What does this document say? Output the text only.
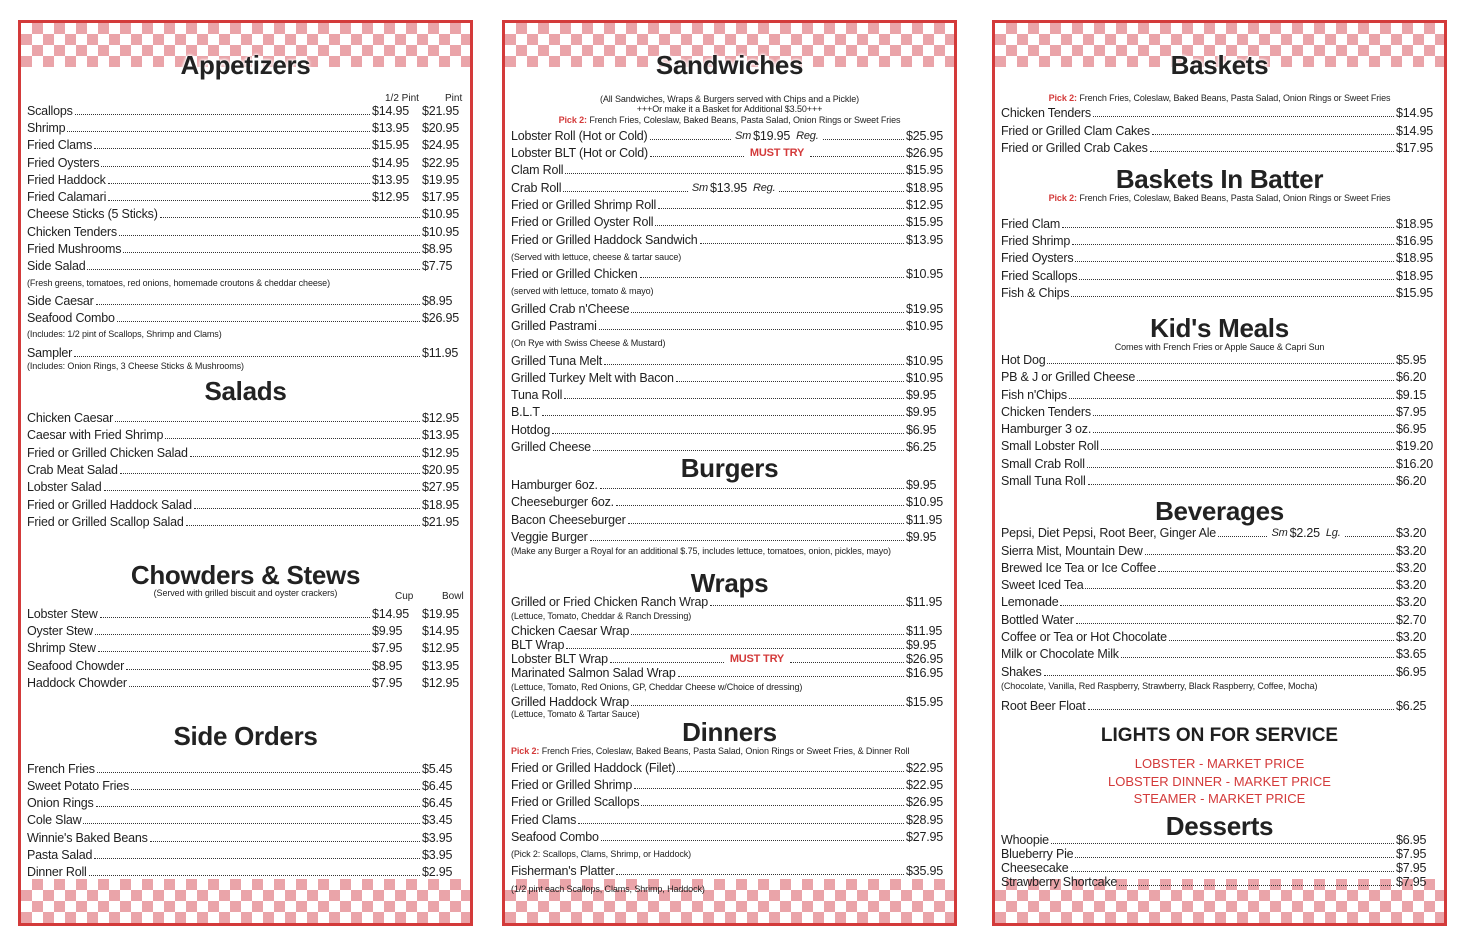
Appetizers
1/2 Pint	Pint
Scallops	$14.95	$21.95
Shrimp	$13.95	$20.95
Fried Clams	$15.95	$24.95
Fried Oysters	$14.95	$22.95
Fried Haddock	$13.95	$19.95
Fried Calamari	$12.95	$17.95
Cheese Sticks (5 Sticks)	$10.95
Chicken Tenders	$10.95
Fried Mushrooms	$8.95
Side Salad	$7.75
(Fresh greens, tomatoes, red onions, homemade croutons & cheddar cheese)
Side Caesar	$8.95
Seafood Combo	$26.95
(Includes: 1/2 pint of Scallops, Shrimp and Clams)
Sampler	$11.95
(Includes: Onion Rings, 3 Cheese Sticks & Mushrooms)
Salads
Chicken Caesar	$12.95
Caesar with Fried Shrimp	$13.95
Fried or Grilled Chicken Salad	$12.95
Crab Meat Salad	$20.95
Lobster Salad	$27.95
Fried or Grilled Haddock Salad	$18.95
Fried or Grilled Scallop Salad	$21.95
Chowders & Stews
(Served with grilled biscuit and oyster crackers)	Cup	Bowl
Lobster Stew	$14.95	$19.95
Oyster Stew	$9.95	$14.95
Shrimp Stew	$7.95	$12.95
Seafood Chowder	$8.95	$13.95
Haddock Chowder	$7.95	$12.95
Side Orders
French Fries	$5.45
Sweet Potato Fries	$6.45
Onion Rings	$6.45
Cole Slaw	$3.45
Winnie's Baked Beans	$3.95
Pasta Salad	$3.95
Dinner Roll	$2.95
Sandwiches
(All Sandwiches, Wraps & Burgers served with Chips and a Pickle)
+++Or make it a Basket for Additional $3.50+++
Pick 2: French Fries, Coleslaw, Baked Beans, Pasta Salad, Onion Rings or Sweet Fries
Lobster Roll (Hot or Cold)	Sm $19.95 Reg.	$25.95
Lobster BLT (Hot or Cold)	MUST TRY	$26.95
Clam Roll	$15.95
Crab Roll	Sm $13.95 Reg.	$18.95
Fried or Grilled Shrimp Roll	$12.95
Fried or Grilled Oyster Roll	$15.95
Fried or Grilled Haddock Sandwich	$13.95
(Served with lettuce, cheese & tartar sauce)
Fried or Grilled Chicken	$10.95
(served with lettuce, tomato & mayo)
Grilled Crab n'Cheese	$19.95
Grilled Pastrami	$10.95
(On Rye with Swiss Cheese & Mustard)
Grilled Tuna Melt	$10.95
Grilled Turkey Melt with Bacon	$10.95
Tuna Roll	$9.95
B.L.T	$9.95
Hotdog	$6.95
Grilled Cheese	$6.25
Burgers
Hamburger 6oz.	$9.95
Cheeseburger 6oz.	$10.95
Bacon Cheeseburger	$11.95
Veggie Burger	$9.95
(Make any Burger a Royal for an additional $.75, includes lettuce, tomatoes, onion, pickles, mayo)
Wraps
Grilled or Fried Chicken Ranch Wrap	$11.95
(Lettuce, Tomato, Cheddar & Ranch Dressing)
Chicken Caesar Wrap	$11.95
BLT Wrap	$9.95
Lobster BLT Wrap	MUST TRY	$26.95
Marinated Salmon Salad Wrap	$16.95
(Lettuce, Tomato, Red Onions, GP, Cheddar Cheese w/Choice of dressing)
Grilled Haddock Wrap	$15.95
(Lettuce, Tomato & Tartar Sauce)
Dinners
Pick 2: French Fries, Coleslaw, Baked Beans, Pasta Salad, Onion Rings or Sweet Fries, & Dinner Roll
Fried or Grilled Haddock (Filet)	$22.95
Fried or Grilled Shrimp	$22.95
Fried or Grilled Scallops	$26.95
Fried Clams	$28.95
Seafood Combo	$27.95
(Pick 2: Scallops, Clams, Shrimp, or Haddock)
Fisherman's Platter	$35.95
(1/2 pint each Scallops, Clams, Shrimp, Haddock)
Baskets
Pick 2: French Fries, Coleslaw, Baked Beans, Pasta Salad, Onion Rings or Sweet Fries
Chicken Tenders	$14.95
Fried or Grilled Clam Cakes	$14.95
Fried or Grilled Crab Cakes	$17.95
Baskets In Batter
Pick 2: French Fries, Coleslaw, Baked Beans, Pasta Salad, Onion Rings or Sweet Fries
Fried Clam	$18.95
Fried Shrimp	$16.95
Fried Oysters	$18.95
Fried Scallops	$18.95
Fish & Chips	$15.95
Kid's Meals
Comes with French Fries or Apple Sauce & Capri Sun
Hot Dog	$5.95
PB & J or Grilled Cheese	$6.20
Fish n'Chips	$9.15
Chicken Tenders	$7.95
Hamburger 3 oz.	$6.95
Small Lobster Roll	$19.20
Small Crab Roll	$16.20
Small Tuna Roll	$6.20
Beverages
Pepsi, Diet Pepsi, Root Beer, Ginger Ale	Sm $2.25 Lg.	$3.20
Sierra Mist, Mountain Dew	$3.20
Brewed Ice Tea or Ice Coffee	$3.20
Sweet Iced Tea	$3.20
Lemonade	$3.20
Bottled Water	$2.70
Coffee or Tea or Hot Chocolate	$3.20
Milk or Chocolate Milk	$3.65
Shakes	$6.95
(Chocolate, Vanilla, Red Raspberry, Strawberry, Black Raspberry, Coffee, Mocha)
Root Beer Float	$6.25
LIGHTS ON FOR SERVICE
LOBSTER - MARKET PRICE
LOBSTER DINNER - MARKET PRICE
STEAMER - MARKET PRICE
Desserts
Whoopie	$6.95
Blueberry Pie	$7.95
Cheesecake	$7.95
Strawberry Shortcake	$7.95
